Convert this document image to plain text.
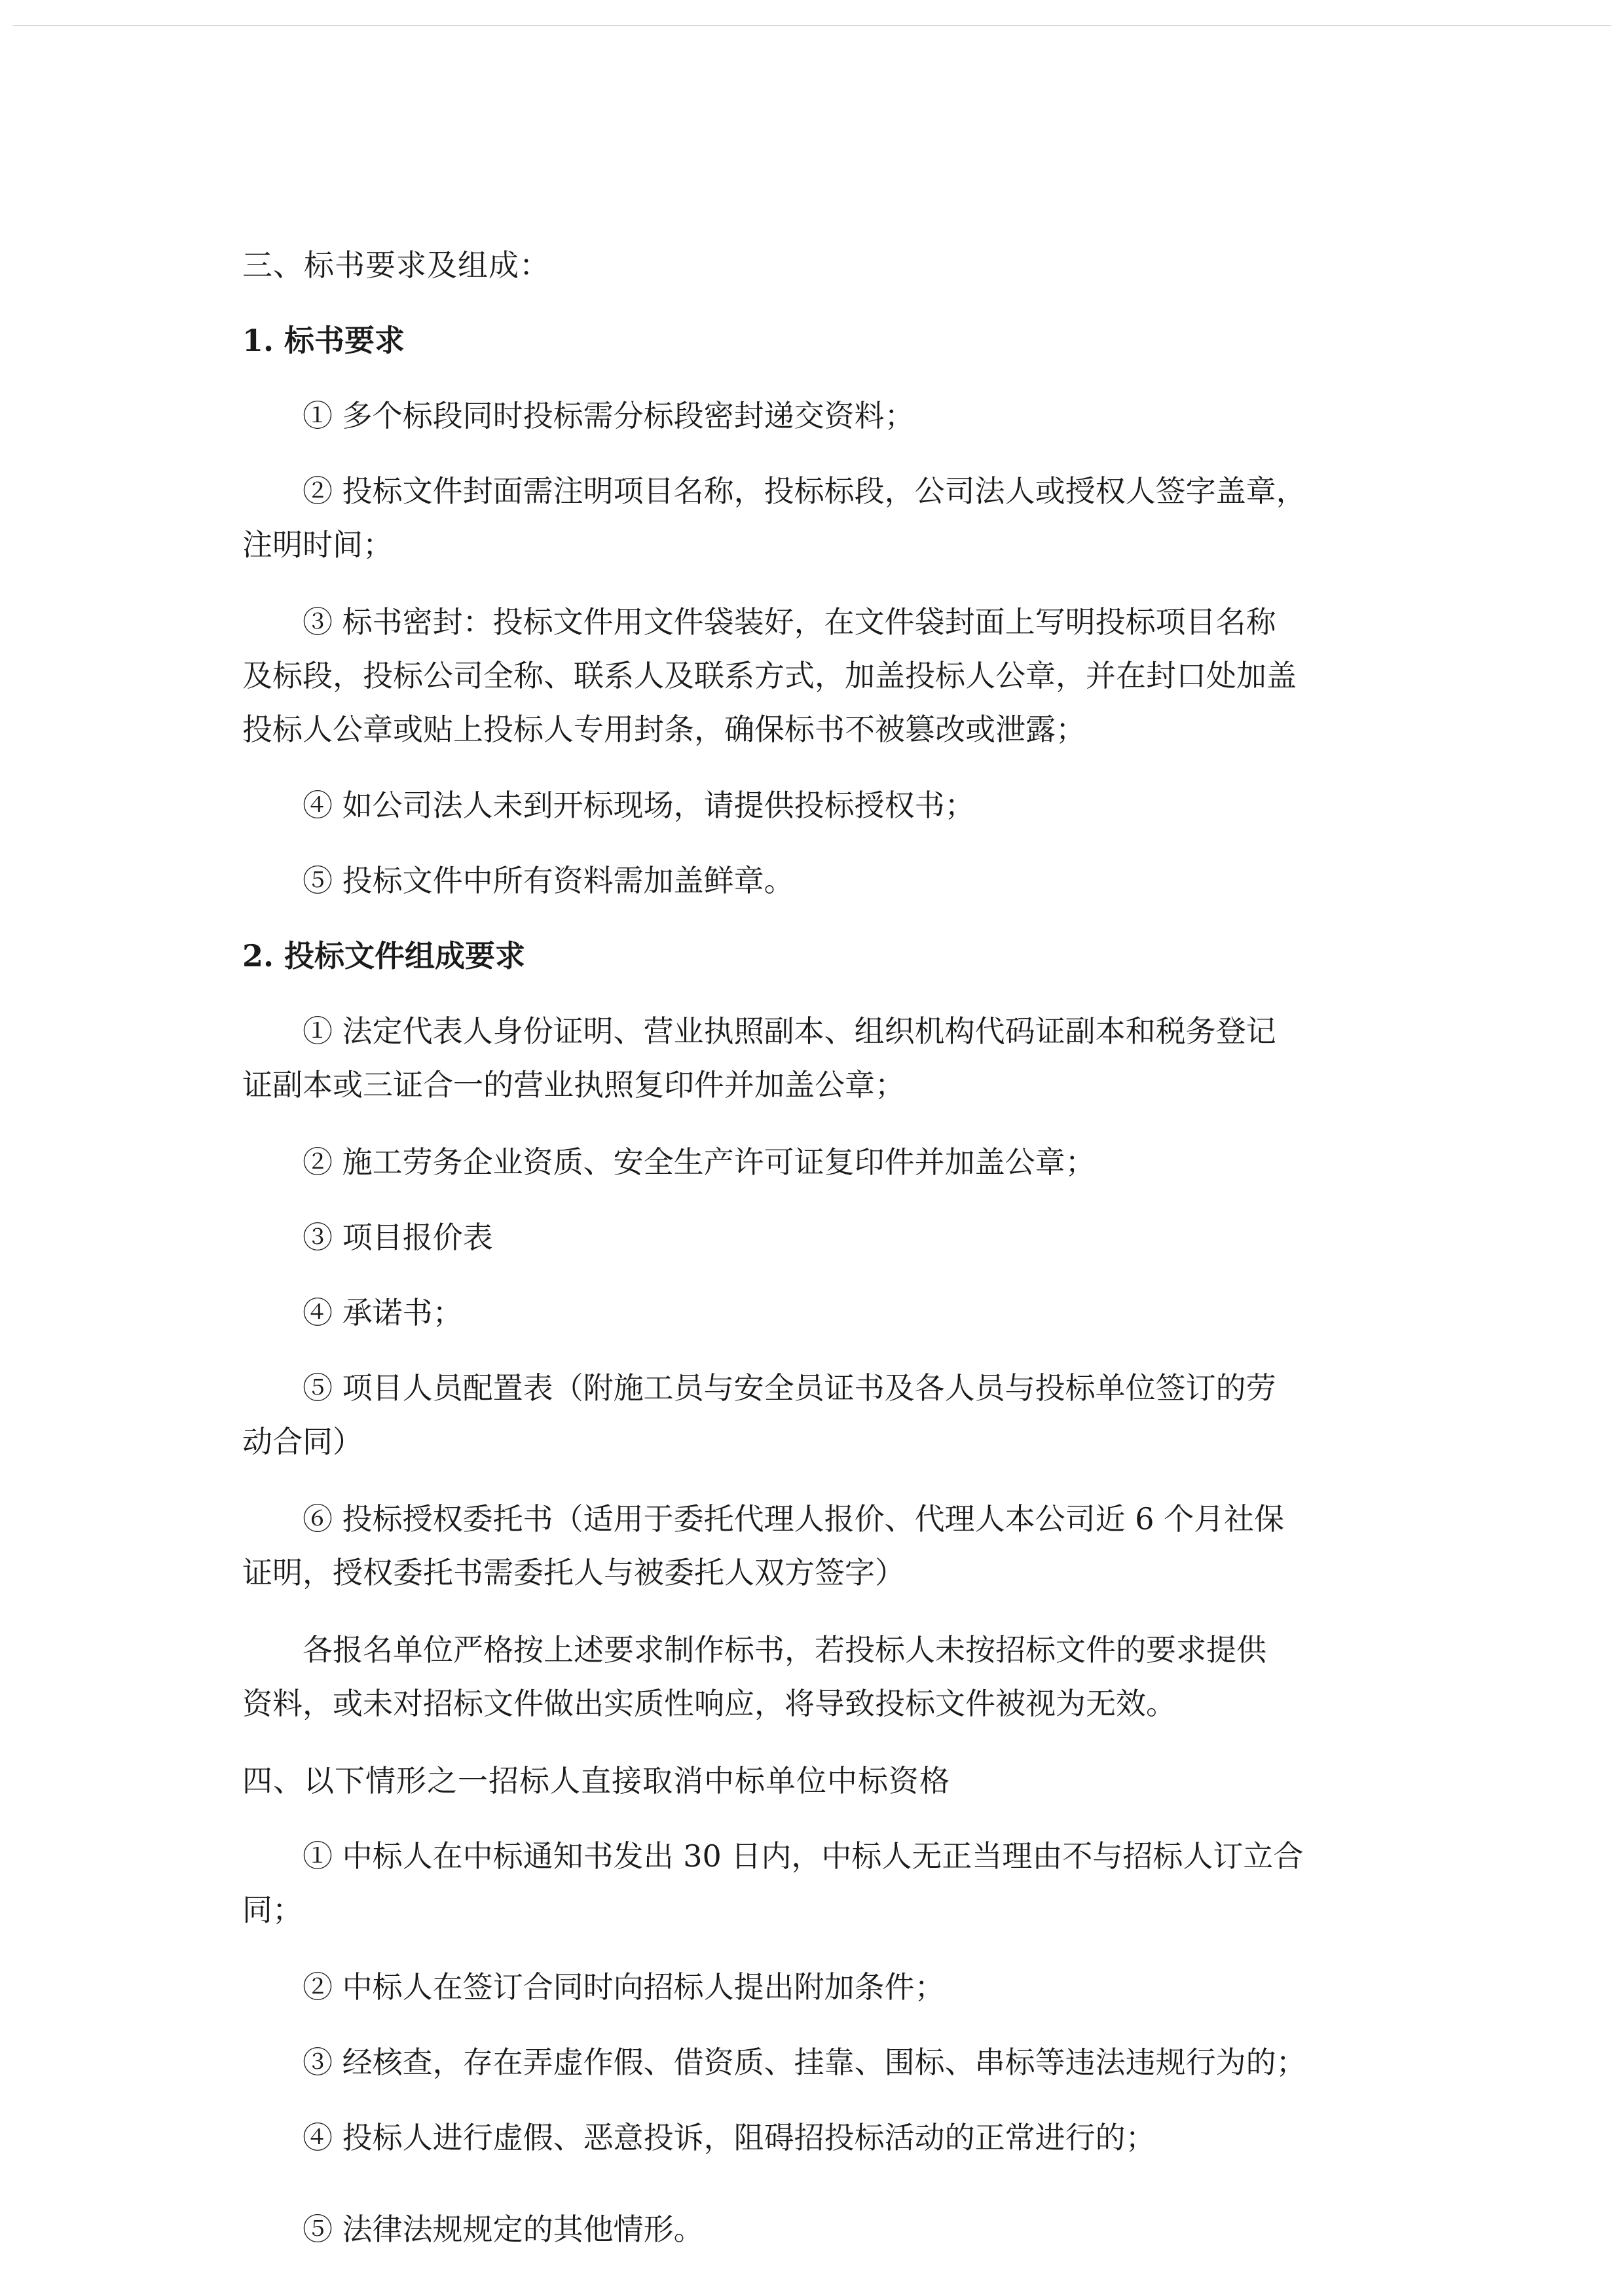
三、标书要求及组成：

1. 标书要求

① 多个标段同时投标需分标段密封递交资料；

② 投标文件封面需注明项目名称，投标标段，公司法人或授权人签字盖章，

注明时间；

③ 标书密封：投标文件用文件袋装好，在文件袋封面上写明投标项目名称

及标段，投标公司全称、联系人及联系方式，加盖投标人公章，并在封口处加盖

投标人公章或贴上投标人专用封条，确保标书不被篡改或泄露；

④ 如公司法人未到开标现场，请提供投标授权书；

⑤ 投标文件中所有资料需加盖鲜章。

2. 投标文件组成要求

① 法定代表人身份证明、营业执照副本、组织机构代码证副本和税务登记

证副本或三证合一的营业执照复印件并加盖公章；

② 施工劳务企业资质、安全生产许可证复印件并加盖公章；

③ 项目报价表

④ 承诺书；

⑤ 项目人员配置表（附施工员与安全员证书及各人员与投标单位签订的劳

动合同）

⑥ 投标授权委托书（适用于委托代理人报价、代理人本公司近 6 个月社保

证明，授权委托书需委托人与被委托人双方签字）

各报名单位严格按上述要求制作标书，若投标人未按招标文件的要求提供

资料，或未对招标文件做出实质性响应，将导致投标文件被视为无效。

四、以下情形之一招标人直接取消中标单位中标资格

① 中标人在中标通知书发出 30 日内，中标人无正当理由不与招标人订立合

同；

② 中标人在签订合同时向招标人提出附加条件；

③ 经核查，存在弄虚作假、借资质、挂靠、围标、串标等违法违规行为的；

④ 投标人进行虚假、恶意投诉，阻碍招投标活动的正常进行的；

⑤ 法律法规规定的其他情形。
